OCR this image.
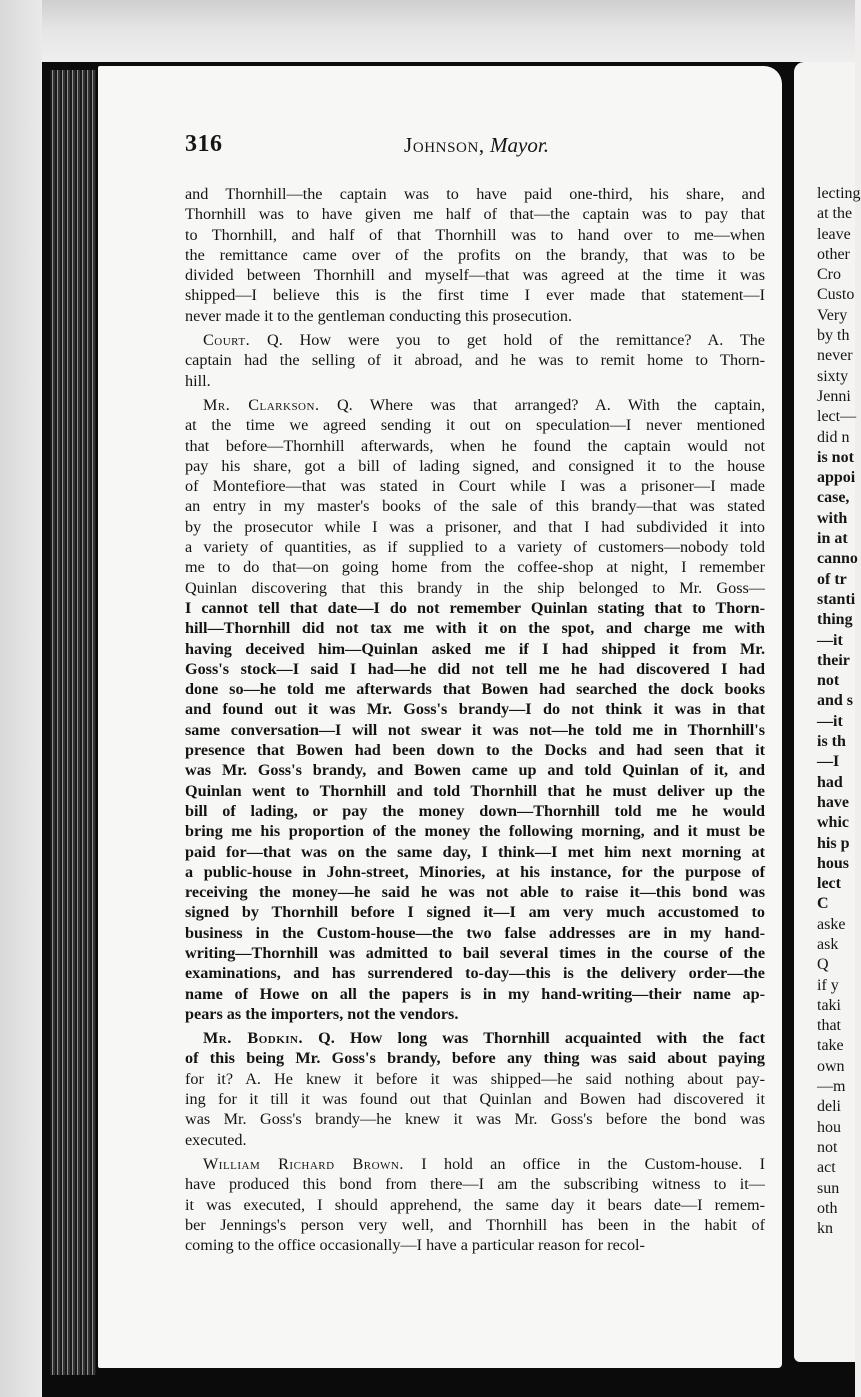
316	Johnson, Mayor.
and Thornhill—the captain was to have paid one-third, his share, and
Thornhill was to have given me half of that—the captain was to pay that
to Thornhill, and half of that Thornhill was to hand over to me—when
the remittance came over of the profits on the brandy, that was to be
divided between Thornhill and myself—that was agreed at the time it was
shipped—I believe this is the first time I ever made that statement—I
never made it to the gentleman conducting this prosecution.
Court. Q. How were you to get hold of the remittance? A. The
captain had the selling of it abroad, and he was to remit home to Thorn-
hill.
Mr. Clarkson. Q. Where was that arranged? A. With the captain,
at the time we agreed sending it out on speculation—I never mentioned
that before—Thornhill afterwards, when he found the captain would not
pay his share, got a bill of lading signed, and consigned it to the house
of Montefiore—that was stated in Court while I was a prisoner—I made
an entry in my master's books of the sale of this brandy—that was stated
by the prosecutor while I was a prisoner, and that I had subdivided it into
a variety of quantities, as if supplied to a variety of customers—nobody told
me to do that—on going home from the coffee-shop at night, I remember
Quinlan discovering that this brandy in the ship belonged to Mr. Goss—
I cannot tell that date—I do not remember Quinlan stating that to Thorn-
hill—Thornhill did not tax me with it on the spot, and charge me with
having deceived him—Quinlan asked me if I had shipped it from Mr.
Goss's stock—I said I had—he did not tell me he had discovered I had
done so—he told me afterwards that Bowen had searched the dock books
and found out it was Mr. Goss's brandy—I do not think it was in that
same conversation—I will not swear it was not—he told me in Thornhill's
presence that Bowen had been down to the Docks and had seen that it
was Mr. Goss's brandy, and Bowen came up and told Quinlan of it, and
Quinlan went to Thornhill and told Thornhill that he must deliver up the
bill of lading, or pay the money down—Thornhill told me he would
bring me his proportion of the money the following morning, and it must be
paid for—that was on the same day, I think—I met him next morning at
a public-house in John-street, Minories, at his instance, for the purpose of
receiving the money—he said he was not able to raise it—this bond was
signed by Thornhill before I signed it—I am very much accustomed to
business in the Custom-house—the two false addresses are in my hand-
writing—Thornhill was admitted to bail several times in the course of the
examinations, and has surrendered to-day—this is the delivery order—the
name of Howe on all the papers is in my hand-writing—their name ap-
pears as the importers, not the vendors.
Mr. Bodkin. Q. How long was Thornhill acquainted with the fact
of this being Mr. Goss's brandy, before any thing was said about paying
for it? A. He knew it before it was shipped—he said nothing about pay-
ing for it till it was found out that Quinlan and Bowen had discovered it
was Mr. Goss's brandy—he knew it was Mr. Goss's before the bond was
executed.
William Richard Brown. I hold an office in the Custom-house. I
have produced this bond from there—I am the subscribing witness to it—
it was executed, I should apprehend, the same day it bears date—I remem-
ber Jennings's person very well, and Thornhill has been in the habit of
coming to the office occasionally—I have a particular reason for recol-
lecting
at the
leave
other
Cro
Custo
Very
by th
never
sixty
Jenni
lect—
did n
is not
appoi
case,
with
in at
canno
of tr
stanti
thing
—it
their
not
and s
—it
is th
—I
had
have
whic
his p
hous
lect
C
aske
ask
Q
if y
taki
that
take
own
—m
deli
hou
not
act
sun
oth
kn
